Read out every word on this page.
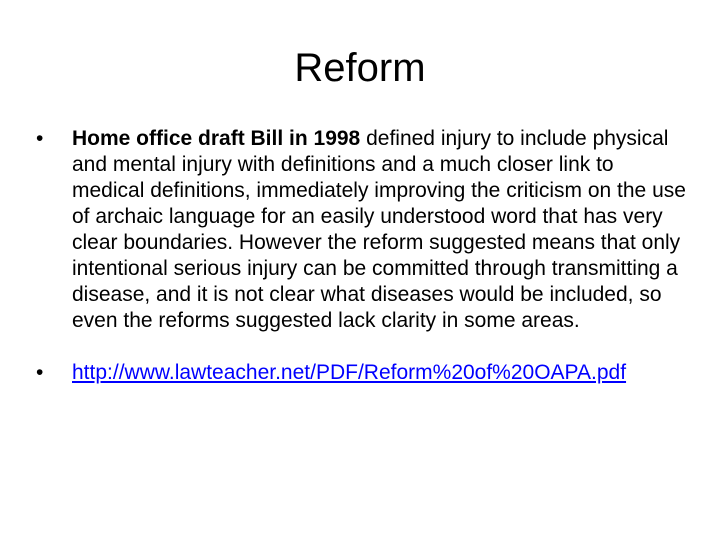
Reform
•	Home office draft Bill in 1998 defined injury to include physical and mental injury with definitions and a much closer link to medical definitions, immediately improving the criticism on the use of archaic language for an easily understood word that has very clear boundaries. However the reform suggested means that only intentional serious injury can be committed through transmitting a disease, and it is not clear what diseases would be included, so even the reforms suggested lack clarity in some areas.
•	http://www.lawteacher.net/PDF/Reform%20of%20OAPA.pdf
